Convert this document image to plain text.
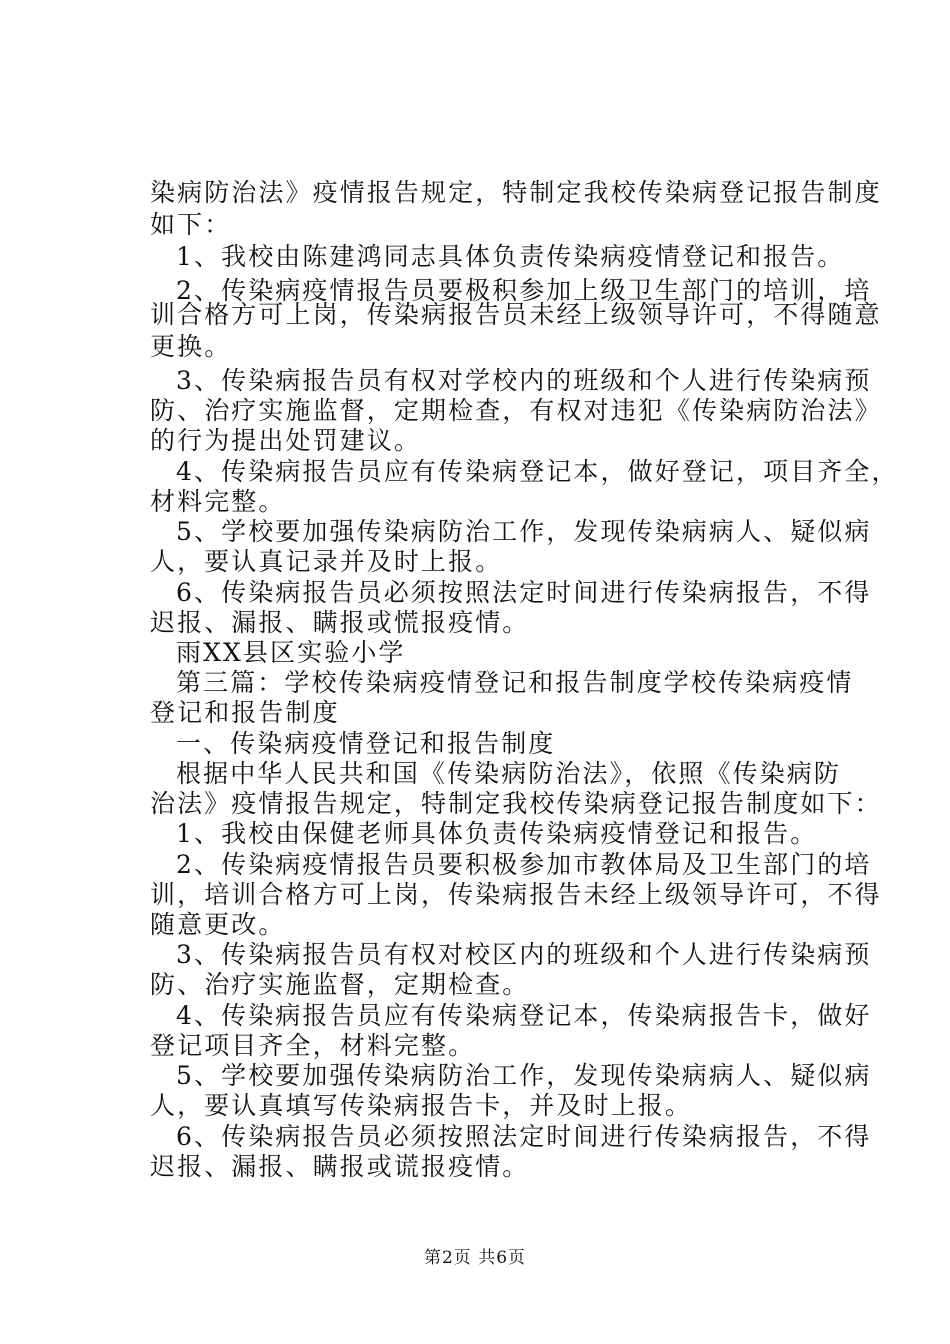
染病防治法》疫情报告规定，特制定我校传染病登记报告制度
如下：
1、我校由陈建鸿同志具体负责传染病疫情登记和报告。
2、传染病疫情报告员要极积参加上级卫生部门的培训，培
训合格方可上岗，传染病报告员未经上级领导许可，不得随意
更换。
3、传染病报告员有权对学校内的班级和个人进行传染病预
防、治疗实施监督，定期检查，有权对违犯《传染病防治法》
的行为提出处罚建议。
4、传染病报告员应有传染病登记本，做好登记，项目齐全，
材料完整。
5、学校要加强传染病防治工作，发现传染病病人、疑似病
人，要认真记录并及时上报。
6、传染病报告员必须按照法定时间进行传染病报告，不得
迟报、漏报、瞒报或慌报疫情。
雨XX县区实验小学
第三篇：学校传染病疫情登记和报告制度学校传染病疫情
登记和报告制度
一、传染病疫情登记和报告制度
根据中华人民共和国《传染病防治法》，依照《传染病防
治法》疫情报告规定，特制定我校传染病登记报告制度如下：
1、我校由保健老师具体负责传染病疫情登记和报告。
2、传染病疫情报告员要积极参加市教体局及卫生部门的培
训，培训合格方可上岗，传染病报告未经上级领导许可，不得
随意更改。
3、传染病报告员有权对校区内的班级和个人进行传染病预
防、治疗实施监督，定期检查。
4、传染病报告员应有传染病登记本，传染病报告卡，做好
登记项目齐全，材料完整。
5、学校要加强传染病防治工作，发现传染病病人、疑似病
人，要认真填写传染病报告卡，并及时上报。
6、传染病报告员必须按照法定时间进行传染病报告，不得
迟报、漏报、瞒报或谎报疫情。
第2页 共6页
